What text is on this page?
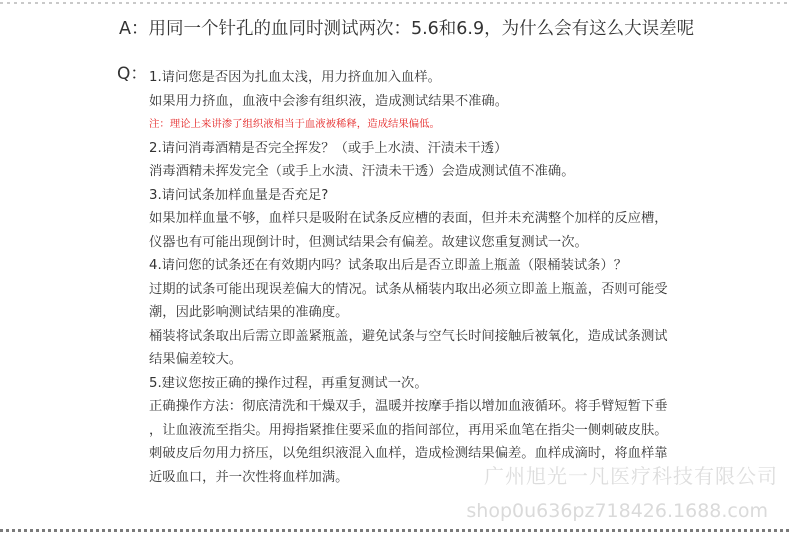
A：用同一个针孔的血同时测试两次：5.6和6.9，为什么会有这么大误差呢
Q： 1.请问您是否因为扎血太浅，用力挤血加入血样。
如果用力挤血，血液中会渗有组织液，造成测试结果不准确。
注：理论上来讲渗了组织液相当于血液被稀释，造成结果偏低。
2.请问消毒酒精是否完全挥发？（或手上水渍、汗渍未干透）
消毒酒精未挥发完全（或手上水渍、汗渍未干透）会造成测试值不准确。
3.请问试条加样血量是否充足?
如果加样血量不够，血样只是吸附在试条反应槽的表面，但并未充满整个加样的反应槽，
仪器也有可能出现倒计时，但测试结果会有偏差。故建议您重复测试一次。
4.请问您的试条还在有效期内吗？试条取出后是否立即盖上瓶盖（限桶装试条）？
过期的试条可能出现误差偏大的情况。试条从桶装内取出必须立即盖上瓶盖，否则可能受
潮，因此影响测试结果的准确度。
桶装将试条取出后需立即盖紧瓶盖，避免试条与空气长时间接触后被氧化，造成试条测试
结果偏差较大。
5.建议您按正确的操作过程，再重复测试一次。
正确操作方法：彻底清洗和干燥双手，温暖并按摩手指以增加血液循环。将手臂短暂下垂
，让血液流至指尖。用拇指紧推住要采血的指间部位，再用采血笔在指尖一侧刺破皮肤。
刺破皮后勿用力挤压，以免组织液混入血样，造成检测结果偏差。血样成滴时，将血样靠
近吸血口，并一次性将血样加满。	广州旭光一凡医疗科技有限公司
shop0u636pz718426.1688.com
